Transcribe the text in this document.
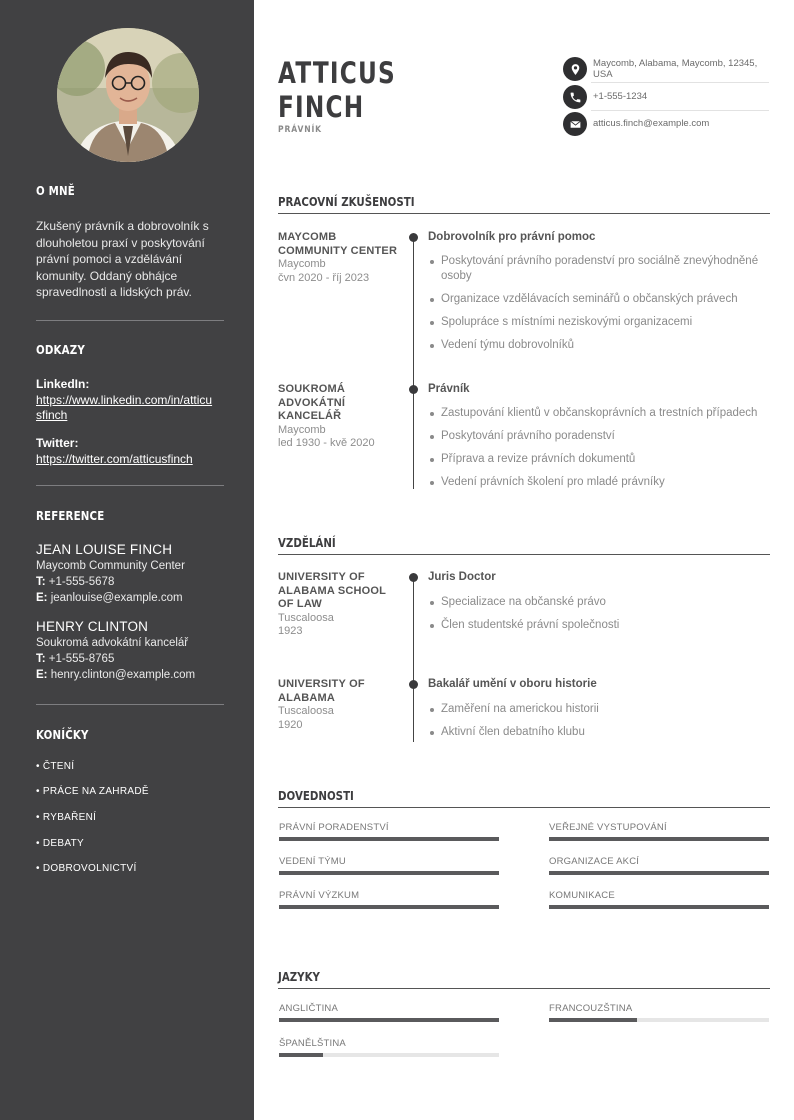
O MNĚ
Zkušený právník a dobrovolník s dlouholetou praxí v poskytování právní pomoci a vzdělávání komunity. Oddaný obhájce spravedlnosti a lidských práv.
ODKAZY
LinkedIn:
https://www.linkedin.com/in/atticusfinch
Twitter:
https://twitter.com/atticusfinch
REFERENCE
JEAN LOUISE FINCH
Maycomb Community Center
T: +1-555-5678
E: jeanlouise@example.com
HENRY CLINTON
Soukromá advokátní kancelář
T: +1-555-8765
E: henry.clinton@example.com
KONÍČKY
• ČTENÍ
• PRÁCE NA ZAHRADĚ
• RYBAŘENÍ
• DEBATY
• DOBROVOLNICTVÍ
ATTICUS
FINCH
PRÁVNÍK
Maycomb, Alabama, Maycomb, 12345, USA
+1-555-1234
atticus.finch@example.com
PRACOVNÍ ZKUŠENOSTI
MAYCOMB COMMUNITY CENTER
Maycomb
čvn 2020 - říj 2023
Dobrovolník pro právní pomoc
Poskytování právního poradenství pro sociálně znevýhodněné osoby
Organizace vzdělávacích seminářů o občanských právech
Spolupráce s místními neziskovými organizacemi
Vedení týmu dobrovolníků
SOUKROMÁ ADVOKÁTNÍ KANCELÁŘ
Maycomb
led 1930 - kvě 2020
Právník
Zastupování klientů v občanskoprávních a trestních případech
Poskytování právního poradenství
Příprava a revize právních dokumentů
Vedení právních školení pro mladé právníky
VZDĚLÁNÍ
UNIVERSITY OF ALABAMA SCHOOL OF LAW
Tuscaloosa
1923
Juris Doctor
Specializace na občanské právo
Člen studentské právní společnosti
UNIVERSITY OF ALABAMA
Tuscaloosa
1920
Bakalář umění v oboru historie
Zaměření na americkou historii
Aktivní člen debatního klubu
DOVEDNOSTI
PRÁVNÍ PORADENSTVÍ	VEŘEJNÉ VYSTUPOVÁNÍ
VEDENÍ TÝMU	ORGANIZACE AKCÍ
PRÁVNÍ VÝZKUM	KOMUNIKACE
JAZYKY
ANGLIČTINA	FRANCOUZŠTINA
ŠPANĚLŠTINA
